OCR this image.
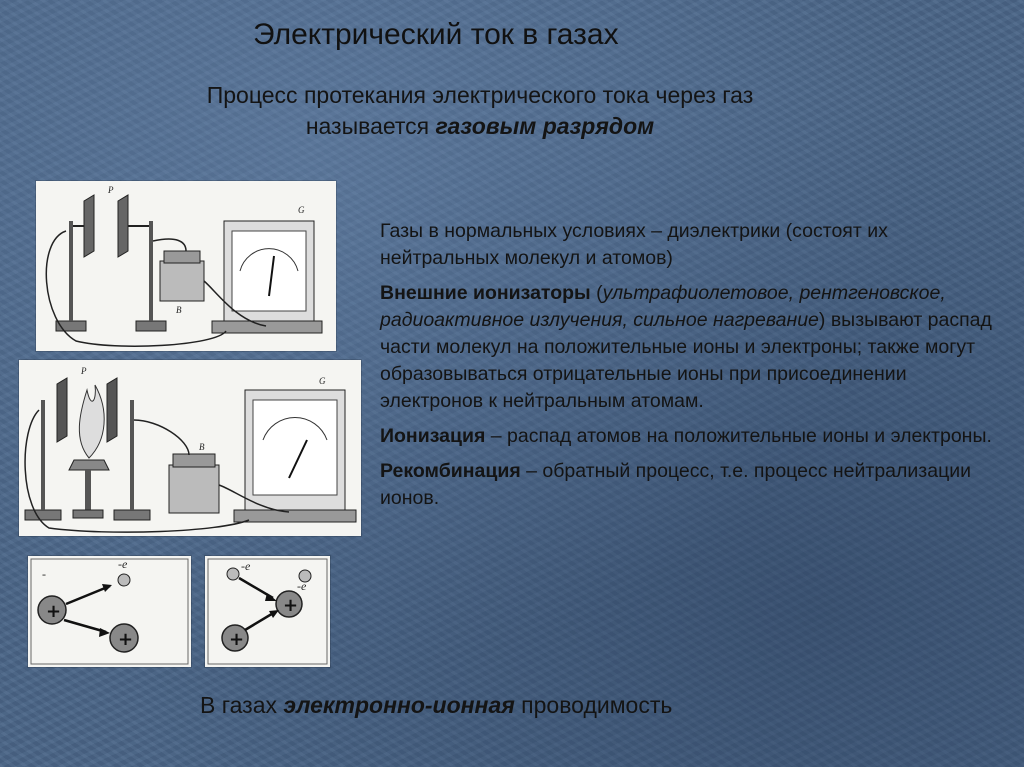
Электрический ток в газах
Процесс протекания электрического тока через газ
называется газовым разрядом
P
B
G
P
B
G
-
+
-e
+
-e
+
-e
+

Газы в нормальных условиях – диэлектрики (состоят их нейтральных молекул и атомов)

Внешние ионизаторы (ультрафиолетовое, рентгеновское, радиоактивное излучения, сильное нагревание) вызывают распад части молекул на положительные ионы и электроны; также могут образовываться отрицательные ионы при присоединении электронов к нейтральным атомам.

Ионизация – распад атомов на положительные ионы и электроны.

Рекомбинация – обратный процесс, т.е. процесс нейтрализации ионов.

В газах электронно-ионная проводимость
